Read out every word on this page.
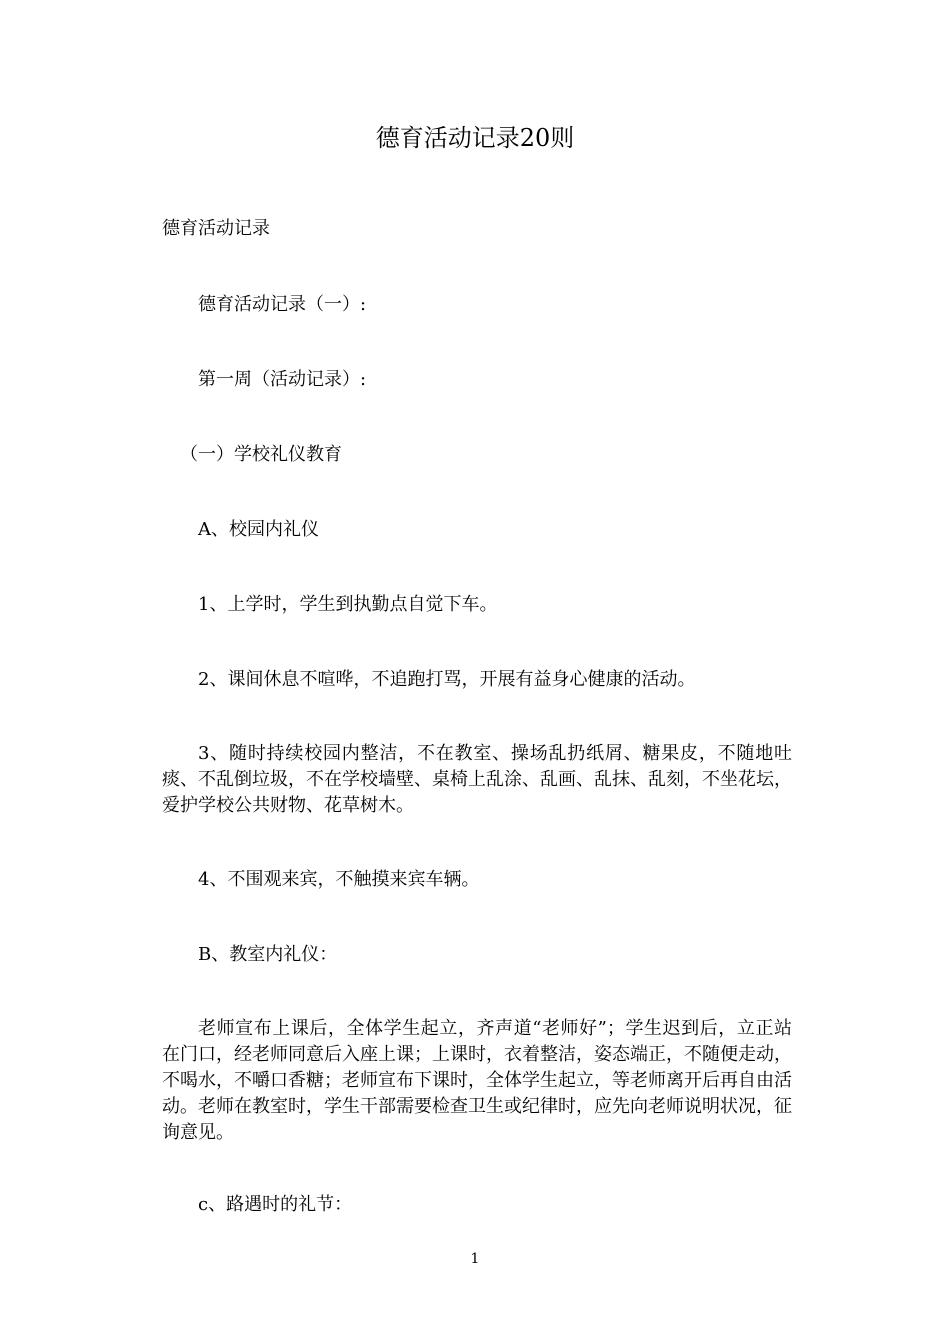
德育活动记录20则
德育活动记录
德育活动记录（一）:
第一周（活动记录）:
（一）学校礼仪教育
A、校园内礼仪
1、上学时，学生到执勤点自觉下车。
2、课间休息不喧哗，不追跑打骂，开展有益身心健康的活动。
3、随时持续校园内整洁，不在教室、操场乱扔纸屑、糖果皮，不随地吐痰、不乱倒垃圾，不在学校墙壁、桌椅上乱涂、乱画、乱抹、乱刻，不坐花坛，爱护学校公共财物、花草树木。
4、不围观来宾，不触摸来宾车辆。
B、教室内礼仪：
老师宣布上课后，全体学生起立，齐声道“老师好”；学生迟到后，立正站在门口，经老师同意后入座上课；上课时，衣着整洁，姿态端正，不随便走动，不喝水，不嚼口香糖；老师宣布下课时，全体学生起立，等老师离开后再自由活动。老师在教室时，学生干部需要检查卫生或纪律时，应先向老师说明状况，征询意见。
c、路遇时的礼节：
1
